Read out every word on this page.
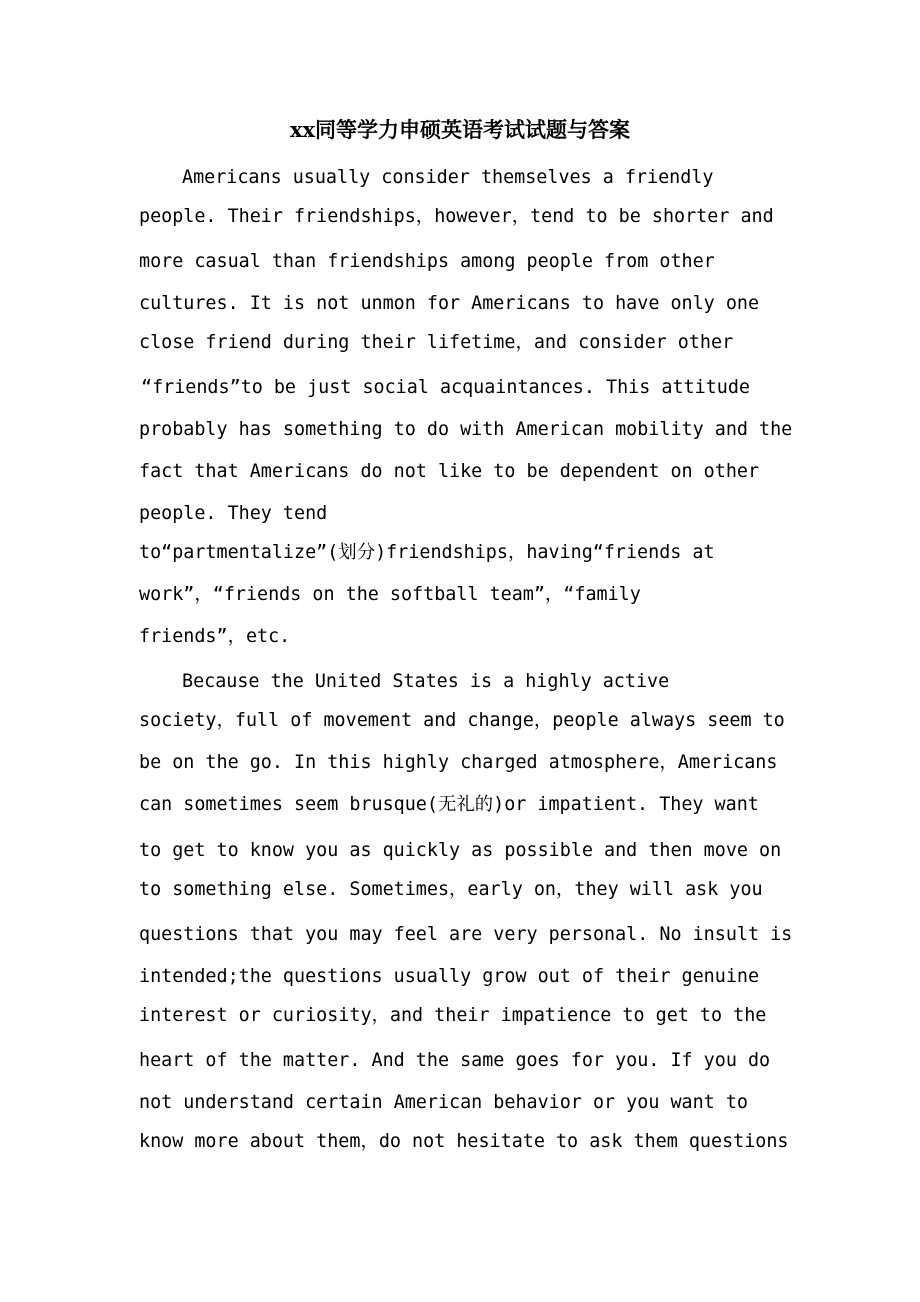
xx同等学力申硕英语考试试题与答案
Americans usually consider themselves a friendly
people. Their friendships，however，tend to be shorter and
more casual than friendships among people from other
cultures. It is not unmon for Americans to have only one
close friend during their lifetime，and consider other
“friends”to be just social acquaintances. This attitude
probably has something to do with American mobility and the
fact that Americans do not like to be dependent on other
people. They tend
to“partmentalize”(划分)friendships，having“friends at
work”，“friends on the softball team”，“family
friends”，etc.
Because the United States is a highly active
society，full of movement and change，people always seem to
be on the go. In this highly charged atmosphere，Americans
can sometimes seem brusque(无礼的)or impatient. They want
to get to know you as quickly as possible and then move on
to something else. Sometimes，early on，they will ask you
questions that you may feel are very personal. No insult is
intended;the questions usually grow out of their genuine
interest or curiosity，and their impatience to get to the
heart of the matter. And the same goes for you. If you do
not understand certain American behavior or you want to
know more about them，do not hesitate to ask them questions
